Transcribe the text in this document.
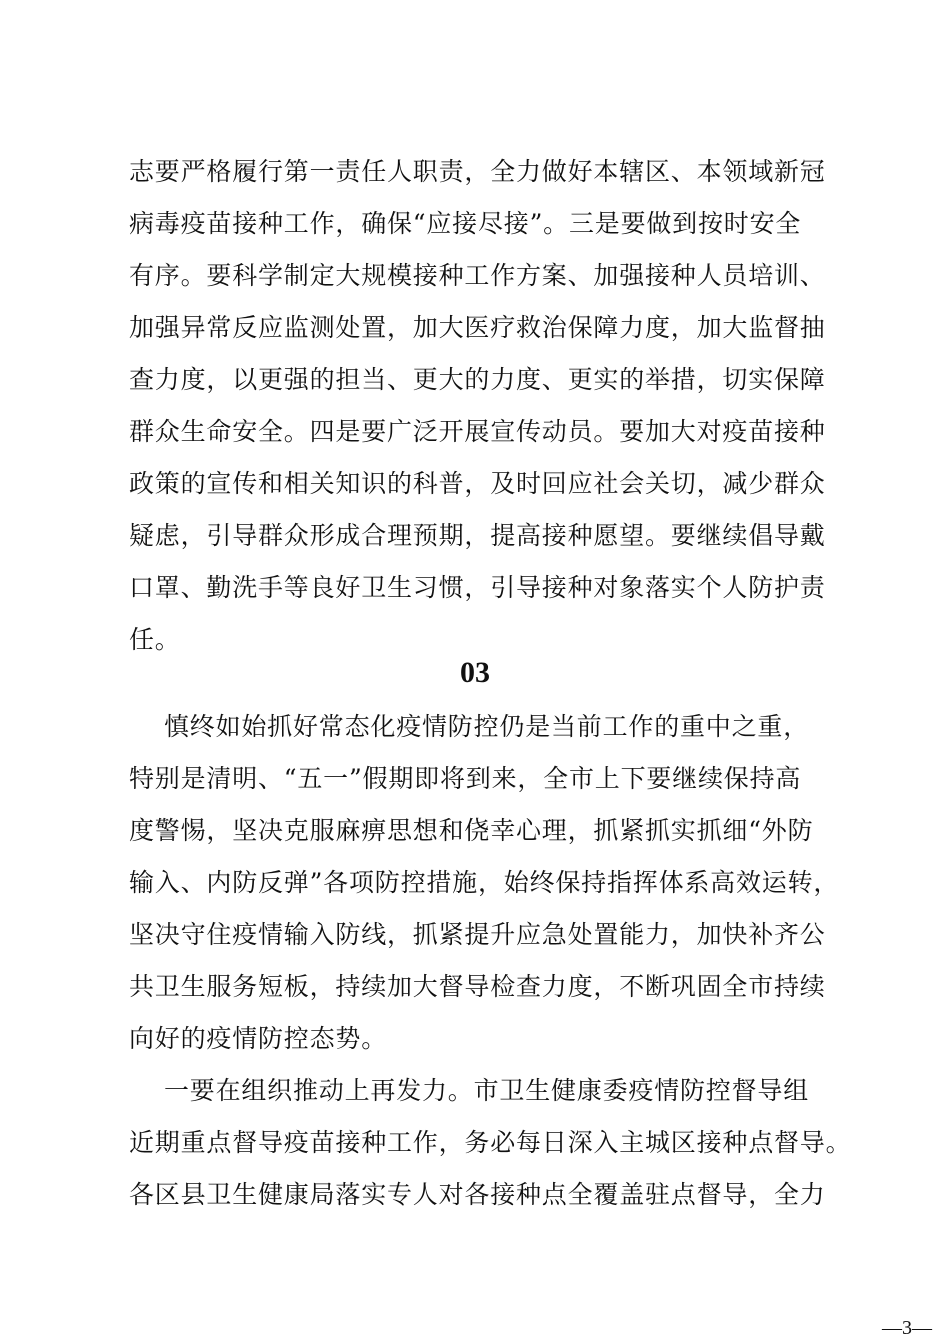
志要严格履行第一责任人职责，全力做好本辖区、本领域新冠
病毒疫苗接种工作，确保“应接尽接”。三是要做到按时安全
有序。要科学制定大规模接种工作方案、加强接种人员培训、
加强异常反应监测处置，加大医疗救治保障力度，加大监督抽
查力度，以更强的担当、更大的力度、更实的举措，切实保障
群众生命安全。四是要广泛开展宣传动员。要加大对疫苗接种
政策的宣传和相关知识的科普，及时回应社会关切，减少群众
疑虑，引导群众形成合理预期，提高接种愿望。要继续倡导戴
口罩、勤洗手等良好卫生习惯，引导接种对象落实个人防护责
任。
03
慎终如始抓好常态化疫情防控仍是当前工作的重中之重，
特别是清明、“五一”假期即将到来，全市上下要继续保持高
度警惕，坚决克服麻痹思想和侥幸心理，抓紧抓实抓细“外防
输入、内防反弹”各项防控措施，始终保持指挥体系高效运转，
坚决守住疫情输入防线，抓紧提升应急处置能力，加快补齐公
共卫生服务短板，持续加大督导检查力度，不断巩固全市持续
向好的疫情防控态势。
一要在组织推动上再发力。市卫生健康委疫情防控督导组
近期重点督导疫苗接种工作，务必每日深入主城区接种点督导。
各区县卫生健康局落实专人对各接种点全覆盖驻点督导，全力
—3—
